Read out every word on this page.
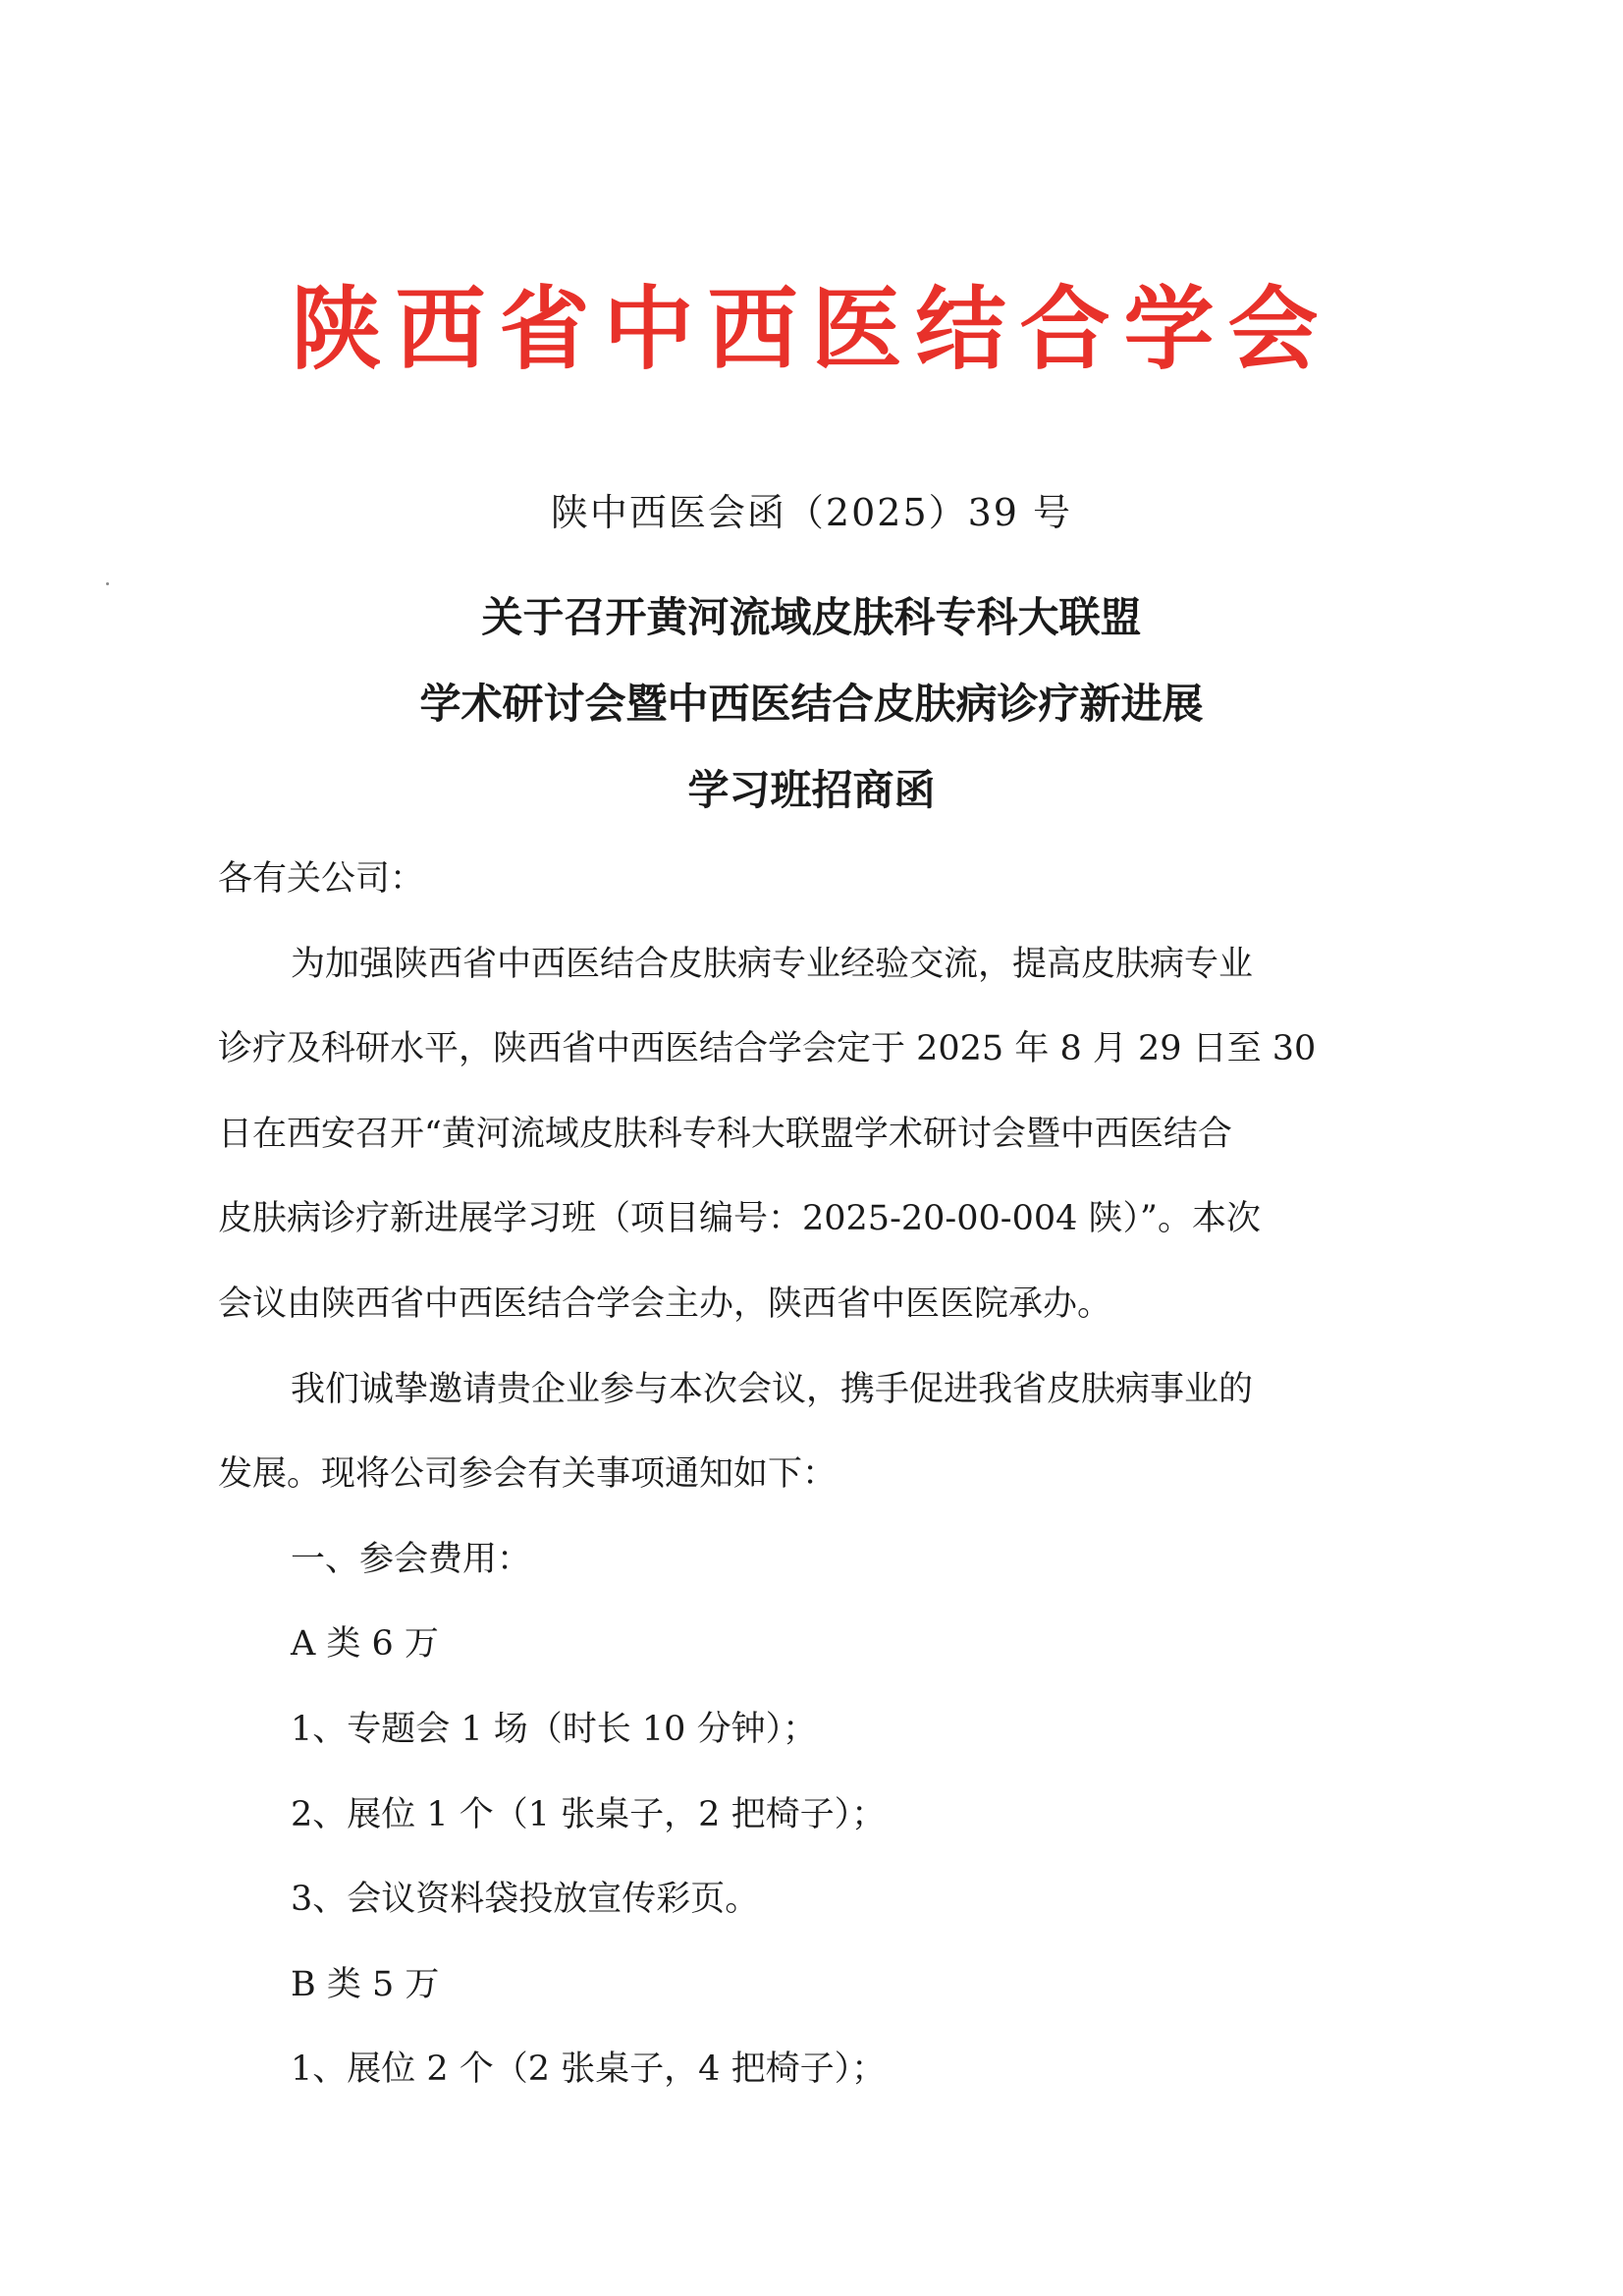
陕西省中西医结合学会
陕中西医会函（2025）39 号
关于召开黄河流域皮肤科专科大联盟
学术研讨会暨中西医结合皮肤病诊疗新进展
学习班招商函

各有关公司：

为加强陕西省中西医结合皮肤病专业经验交流，提高皮肤病专业

诊疗及科研水平，陕西省中西医结合学会定于 2025 年 8 月 29 日至 30

日在西安召开“黄河流域皮肤科专科大联盟学术研讨会暨中西医结合

皮肤病诊疗新进展学习班（项目编号：2025-20-00-004 陕）”。本次

会议由陕西省中西医结合学会主办，陕西省中医医院承办。

我们诚挚邀请贵企业参与本次会议，携手促进我省皮肤病事业的

发展。现将公司参会有关事项通知如下：

一、参会费用：

A 类 6 万

1、专题会 1 场（时长 10 分钟）；

2、展位 1 个（1 张桌子，2 把椅子）；

3、会议资料袋投放宣传彩页。

B 类 5 万

1、展位 2 个（2 张桌子，4 把椅子）；
